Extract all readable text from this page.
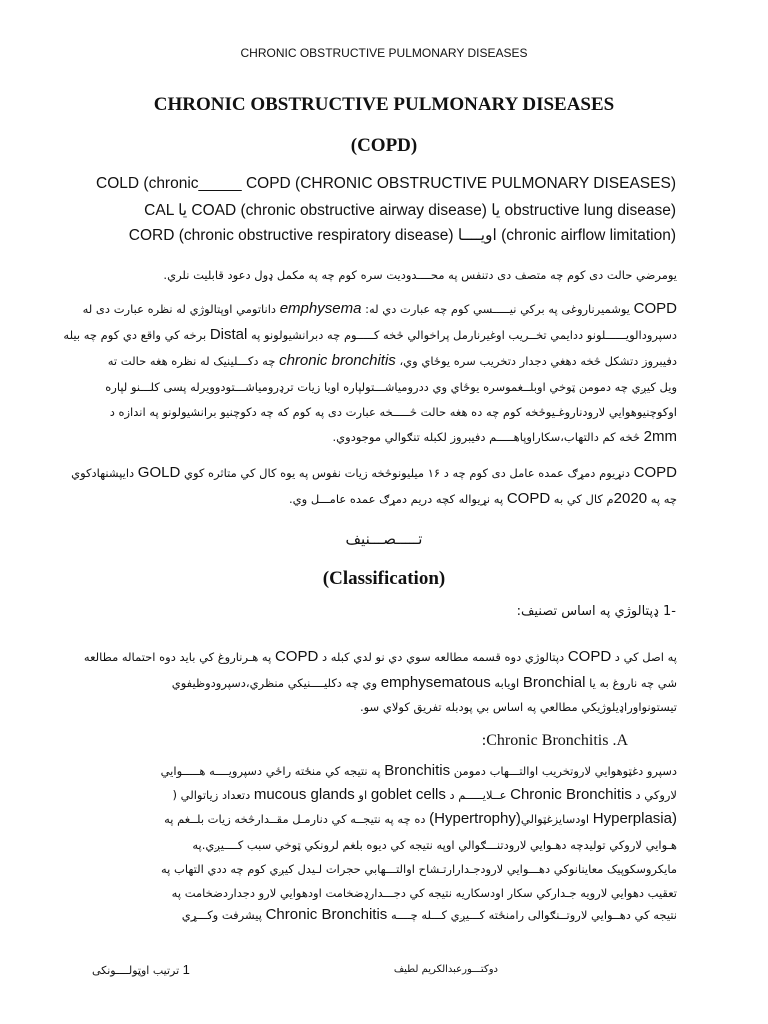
CHRONIC OBSTRUCTIVE PULMONARY DISEASES
CHRONIC OBSTRUCTIVE PULMONARY DISEASES
(COPD)
COLD (chronic_____ COPD (CHRONIC OBSTRUCTIVE PULMONARY DISEASES)
CAL یا COAD (chronic obstructive airway disease) یا obstructive lung disease)
CORD (chronic obstructive respiratory disease) اویــــا (chronic airflow limitation)
یومرضي حالت دی کوم چه متصف دی دتنفس په محــــدودیت سره کوم چه په مکمل ډول دعود قابلیت نلري.
COPD یوشمیرناروغی په برکي نیـــــسي کوم چه عبارت دي له: emphysema داناتومي اوپتالوژي له نظره عبارت دی له
دسپرودالویــــــلونو ددایمي تخــریب اوغیرنارمل پراخوالي څخه کـــــوم چه دبرانشیولونو په Distal برخه کي واقع دي کوم چه بیله
دفیبروز دتشکل څخه دهغي دجدار دتخریب سره یوځاي وي، chronic bronchitis چه دکـــلینیک له نظره هغه حالت ته
ویل کیږي چه دمومن ټوخي اوبلــغموسره یوځاي وي ددرومیاشـــتولپاره اویا زیات ترډرومیاشـــتودوویرله پسی کلـــنو لپاره
اوکوچنیوهوایي لارودناروغـیوڅخه کوم چه ده هغه حالت څـــــخه عبارت دی په کوم که چه دکوچنیو برانشیولونو په اندازه د
2mm څخه کم دالتهاب،سکاراوپاهـــــم دفیبروز لکبله تنګوالي موجودوي.
COPD دنړیوم دمړګ عمده عامل دی کوم چه د ۱۶ میلیونوڅخه زیات نفوس په یوه کال کي متاثره کوي GOLD دایپشنهادکوي
چه په 2020م کال کي به COPD په نړیواله کچه دریم دمړګ عمده عامـــل وي.
تـــــصـــنیف
(Classification)
-1 ډپتالوژي په اساس تصنیف:
په اصل کي د COPD دپتالوژي دوه قسمه مطالعه سوي دي نو لدي کبله د COPD په هـرناروغ کي باید دوه احتماله مطالعه
شي چه ناروغ به یا Bronchial اویابه emphysematous وي چه دکلیــــنیکي منظري،دسپرودوظیفوي
تیستونواوراډیلوژیکي مطالعي په اساس بي پودبله تفریق کولاي سو.
:Chronic Bronchitis .A
دسپرو دغټوهوایي لاروتخریب اوالتـــهاب دمومن Bronchitis په نتیجه کي منځته راځي دسپرویــــه هـــــوایي
لاروکي د Chronic Bronchitis عــلایـــــم د goblet cells او mucous glands دتعداد زیاتوالي (
(Hyperplasia اودسایزغټوالي(Hypertrophy) ده چه په نتیجــه کي دنارمـل مقــدارڅخه زیات بلــغم په
هـوایي لاروکي تولیدچه دهـوایي لارودتنـــګوالي اوپه نتیجه کي دیوه بلغم لرونکي ټوخي سبب کــــیږي.په
مایکروسکوپیک معاینانوکي دهـــوایي لارودجـدارارتـشاح اوالتـــهابي حجرات لـیدل کیږي کوم چه ددي التهاب په
تعقیب دهوایي لارویه جـدارکي سکار اودسکاریه نتیجه کي دجـــدارډضخامت اودهوایي لارو دجداردضخامت په
نتیجه کي دهــوایي لاروتــنګوالی رامنځته کـــیږي کـــله چــــه Chronic Bronchitis پیشرفت وکـــړي
1 ترتیب اوټولــــونکی	دوکتـــورعبدالکریم لطیف
